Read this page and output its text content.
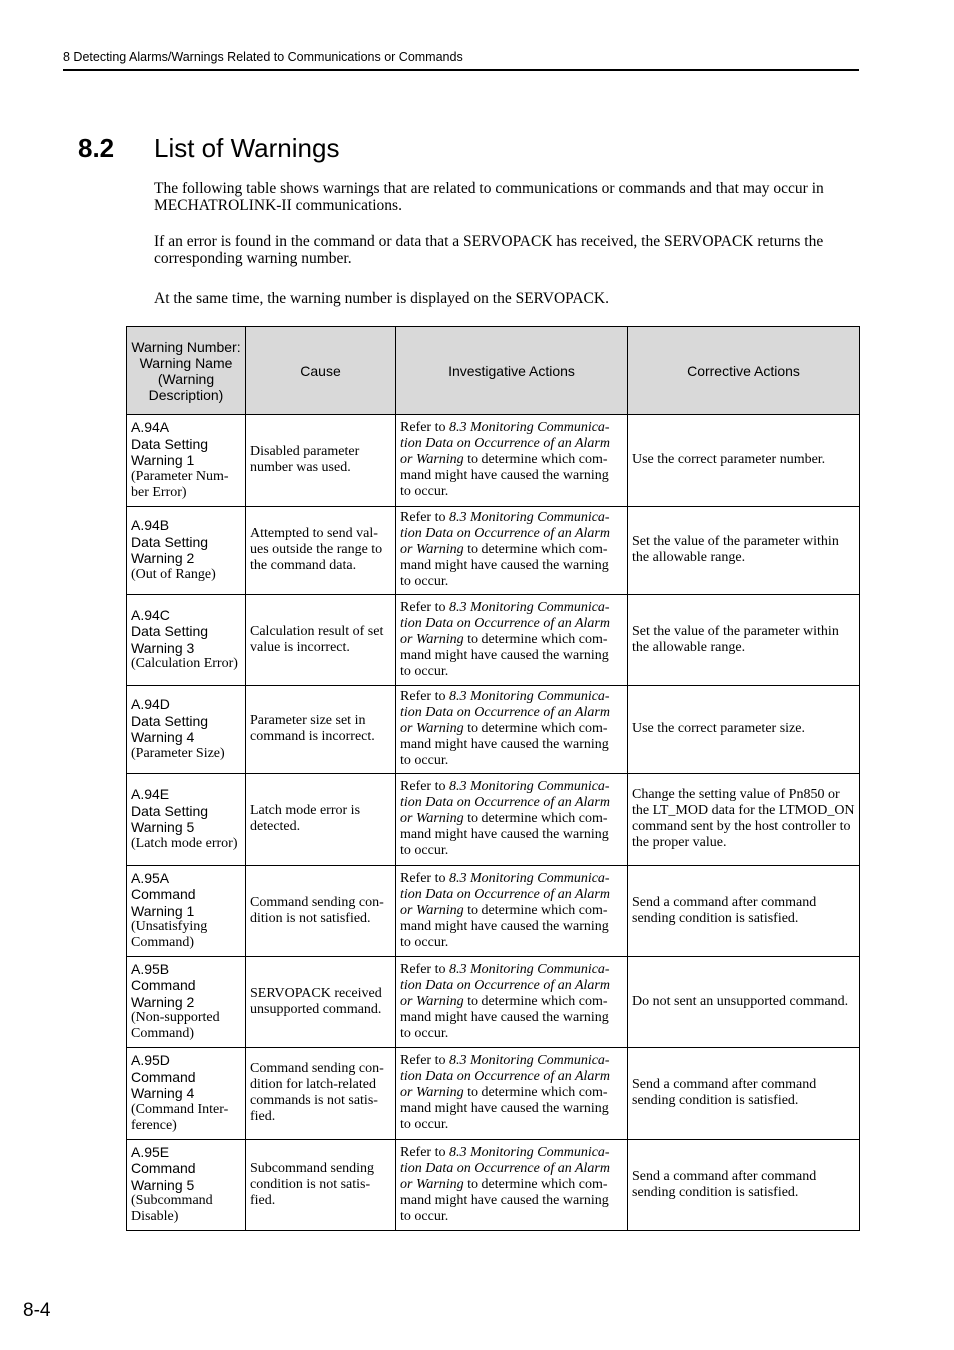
8 Detecting Alarms/Warnings Related to Communications or Commands
8.2 List of Warnings

The following table shows warnings that are related to communications or commands and that may occur in MECHATROLINK-II communications.

If an error is found in the command or data that a SERVOPACK has received, the SERVOPACK returns the corresponding warning number.

At the same time, the warning number is displayed on the SERVOPACK.

Warning Number: Warning Name (Warning Description)	Cause	Investigative Actions	Corrective Actions

A.94A
Data Setting Warning 1
(Parameter Num-ber Error)	Disabled parameter number was used.	Refer to 8.3 Monitoring Communica-tion Data on Occurrence of an Alarm or Warning to determine which com-mand might have caused the warning to occur.	Use the correct parameter number.

A.94B
Data Setting Warning 2
(Out of Range)	Attempted to send val-ues outside the range to the command data.	Refer to 8.3 Monitoring Communica-tion Data on Occurrence of an Alarm or Warning to determine which com-mand might have caused the warning to occur.	Set the value of the parameter within the allowable range.

A.94C
Data Setting Warning 3
(Calculation Error)	Calculation result of set value is incorrect.	Refer to 8.3 Monitoring Communica-tion Data on Occurrence of an Alarm or Warning to determine which com-mand might have caused the warning to occur.	Set the value of the parameter within the allowable range.

A.94D
Data Setting Warning 4
(Parameter Size)	Parameter size set in command is incorrect.	Refer to 8.3 Monitoring Communica-tion Data on Occurrence of an Alarm or Warning to determine which com-mand might have caused the warning to occur.	Use the correct parameter size.

A.94E
Data Setting Warning 5
(Latch mode error)	Latch mode error is detected.	Refer to 8.3 Monitoring Communica-tion Data on Occurrence of an Alarm or Warning to determine which com-mand might have caused the warning to occur.	Change the setting value of Pn850 or the LT_MOD data for the LTMOD_ON command sent by the host controller to the proper value.

A.95A
Command Warning 1
(Unsatisfying Command)	Command sending con-dition is not satisfied.	Refer to 8.3 Monitoring Communica-tion Data on Occurrence of an Alarm or Warning to determine which com-mand might have caused the warning to occur.	Send a command after command sending condition is satisfied.

A.95B
Command Warning 2
(Non-supported Command)	SERVOPACK received unsupported command.	Refer to 8.3 Monitoring Communica-tion Data on Occurrence of an Alarm or Warning to determine which com-mand might have caused the warning to occur.	Do not sent an unsupported command.

A.95D
Command Warning 4
(Command Inter-ference)	Command sending con-dition for latch-related commands is not satis-fied.	Refer to 8.3 Monitoring Communica-tion Data on Occurrence of an Alarm or Warning to determine which com-mand might have caused the warning to occur.	Send a command after command sending condition is satisfied.

A.95E
Command Warning 5
(Subcommand Disable)	Subcommand sending condition is not satis-fied.	Refer to 8.3 Monitoring Communica-tion Data on Occurrence of an Alarm or Warning to determine which com-mand might have caused the warning to occur.	Send a command after command sending condition is satisfied.
8-4
